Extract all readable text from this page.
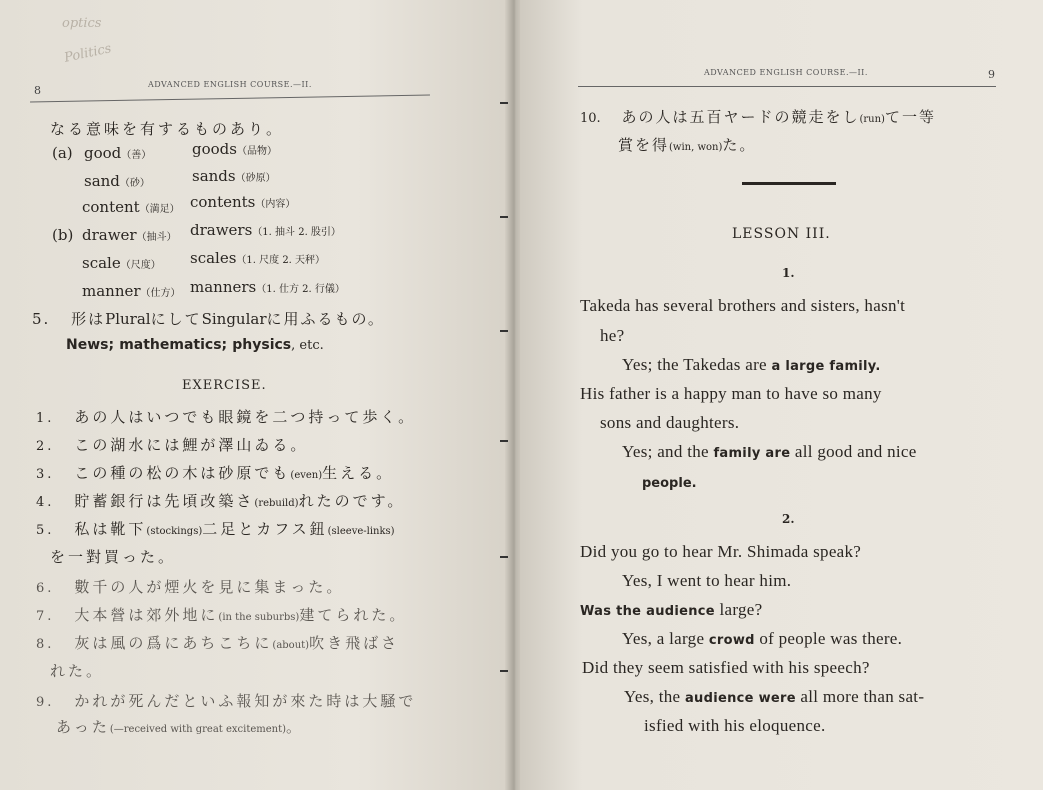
optics
Politics
8	ADVANCED ENGLISH COURSE.—II.
なる意味を有するものあり。
(a) good（善）	goods（品物）
sand（砂）	sands（砂原）
content（満足） contents（内容）
(b) drawer（抽斗） drawers（1. 抽斗 2. 股引）
scale（尺度） scales（1. 尺度 2. 天秤）
manner（仕方） manners（1. 仕方 2. 行儀）
5. 形はPluralにしてSingularに用ふるもの。
News; mathematics; physics, etc.
EXERCISE.
1. あの人はいつでも眼鏡を二つ持って歩く。
2. この湖水には鯉が澤山ゐる。
3. この種の松の木は砂原でも(even)生える。
4. 貯蓄銀行は先頃改築さ(rebuild)れたのです。
5. 私は靴下(stockings)二足とカフス鈕(sleeve-links)
を一對買った。
6. 數千の人が煙火を見に集まった。
7. 大本營は郊外地に(in the suburbs)建てられた。
8. 灰は風の爲にあちこちに(about)吹き飛ばさ
れた。
9. かれが死んだといふ報知が來た時は大騒で
あった(—received with great excitement)。
ADVANCED ENGLISH COURSE.—II.	9
10. あの人は五百ヤードの競走をし(run)て一等
賞を得(win, won)た。
LESSON III.
1.
Takeda has several brothers and sisters, hasn't
he?
Yes; the Takedas are a large family.
His father is a happy man to have so many
sons and daughters.
Yes; and the family are all good and nice
people.
2.
Did you go to hear Mr. Shimada speak?
Yes, I went to hear him.
Was the audience large?
Yes, a large crowd of people was there.
Did they seem satisfied with his speech?
Yes, the audience were all more than sat-
isfied with his eloquence.
